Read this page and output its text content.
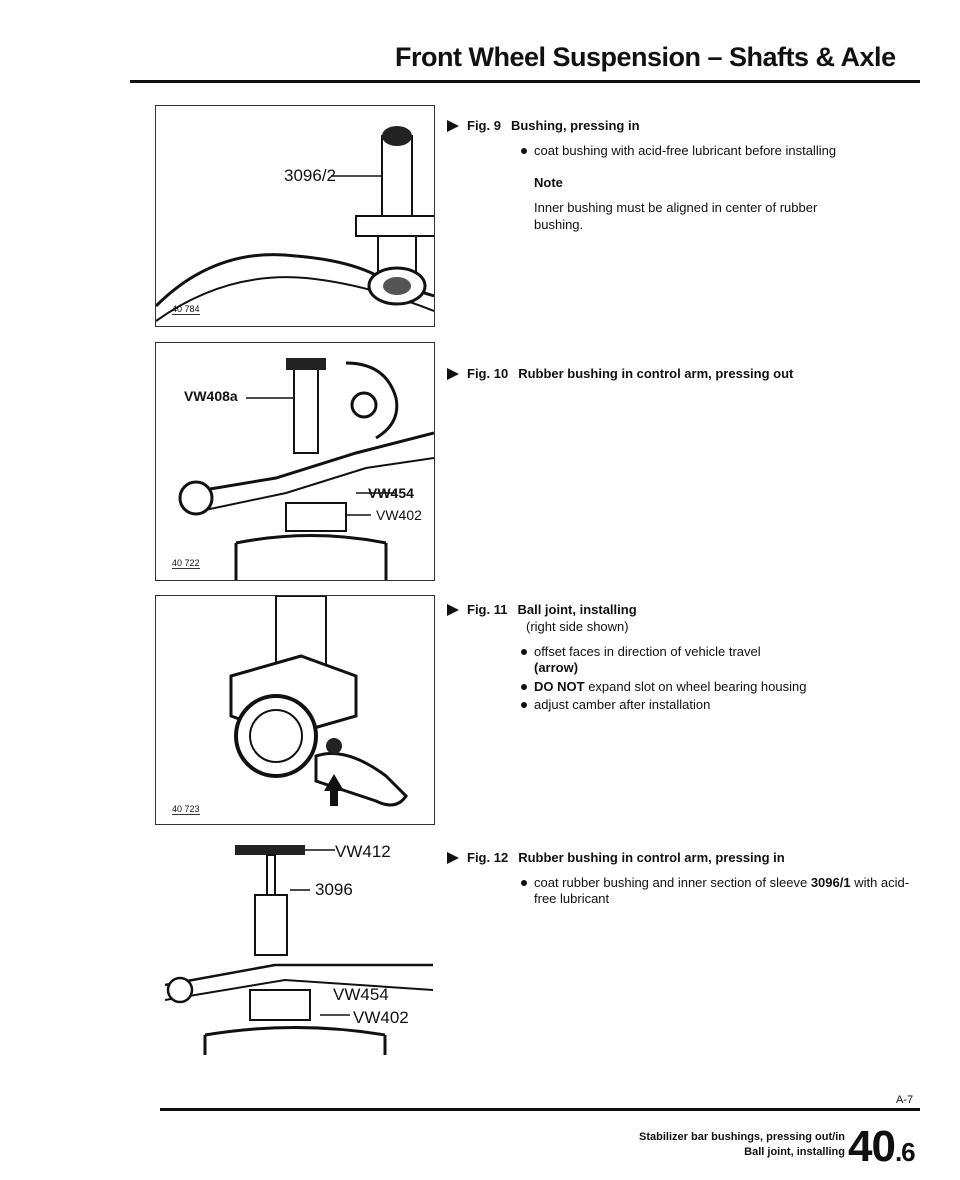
Front Wheel Suspension – Shafts & Axle
3096/2
40 784
VW408a
VW454
VW402
40 722
40 723
VW412
3096
VW454
VW402
Fig. 9 Bushing, pressing in
coat bushing with acid-free lubricant before installing
Note
Inner bushing must be aligned in center of rubber bushing.
Fig. 10 Rubber bushing in control arm, pressing out
Fig. 11 Ball joint, installing
(right side shown)
offset faces in direction of vehicle travel
(arrow)
DO NOT expand slot on wheel bearing housing
adjust camber after installation
Fig. 12 Rubber bushing in control arm, pressing in
coat rubber bushing and inner section of sleeve 3096/1 with acid-free lubricant
A-7
Stabilizer bar bushings, pressing out/in
Ball joint, installing 40.6
